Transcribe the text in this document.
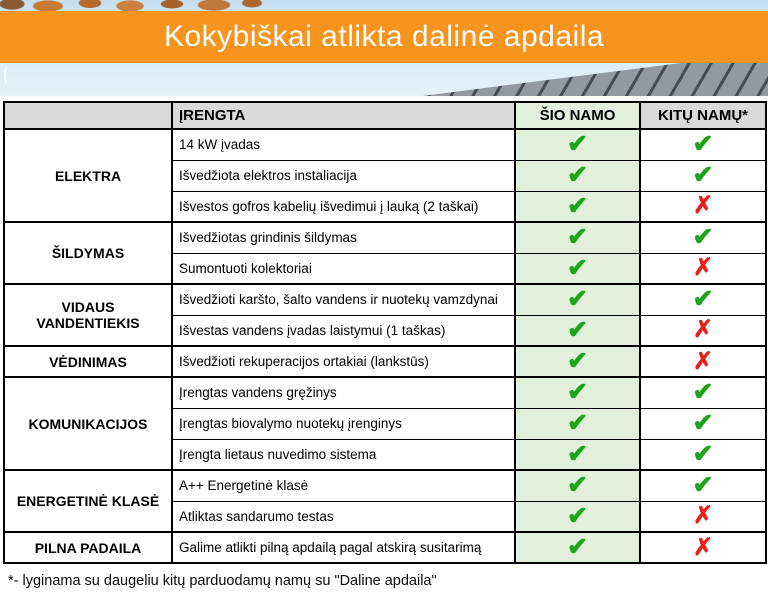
Kokybiškai atlikta dalinė apdaila
	ĮRENGTA	ŠIO NAMO	KITŲ NAMŲ*
ELEKTRA	14 kW įvadas	✔	✔
	Išvedžiota elektros instaliacija	✔	✔
	Išvestos gofros kabelių išvedimui į lauką (2 taškai)	✔	✗
ŠILDYMAS	Išvedžiotas grindinis šildymas	✔	✔
	Sumontuoti kolektoriai	✔	✗
VIDAUS VANDENTIEKIS	Išvedžioti karšto, šalto vandens ir nuotekų vamzdynai	✔	✔
	Išvestas vandens įvadas laistymui (1 taškas)	✔	✗
VĖDINIMAS	Išvedžioti rekuperacijos ortakiai (lankstūs)	✔	✗
KOMUNIKACIJOS	Įrengtas vandens gręžinys	✔	✔
	Įrengtas biovalymo nuotekų įrenginys	✔	✔
	Įrengta lietaus nuvedimo sistema	✔	✔
ENERGETINĖ KLASĖ	A++ Energetinė klasė	✔	✔
	Atliktas sandarumo testas	✔	✗
PILNA PADAILA	Galime atlikti pilną apdailą pagal atskirą susitarimą	✔	✗

*- lyginama su daugeliu kitų parduodamų namų su "Daline apdaila"
